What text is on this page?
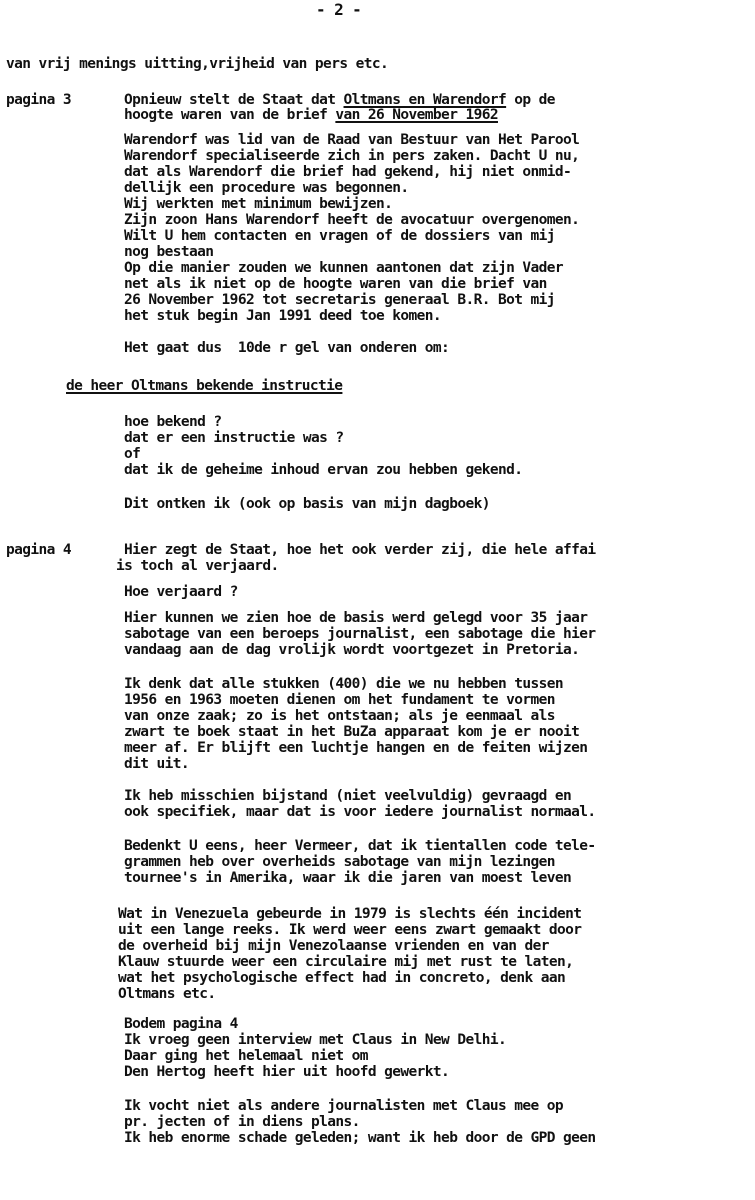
- 2 -
van vrij menings uitting,vrijheid van pers etc.
pagina 3	Opnieuw stelt de Staat dat Oltmans en Warendorf op de
hoogte waren van de brief van 26 November 1962
Warendorf was lid van de Raad van Bestuur van Het Parool
Warendorf specialiseerde zich in pers zaken. Dacht U nu,
dat als Warendorf die brief had gekend, hij niet onmid-
dellijk een procedure was begonnen.
Wij werkten met minimum bewijzen.
Zijn zoon Hans Warendorf heeft de avocatuur overgenomen.
Wilt U hem contacten en vragen of de dossiers van mij
nog bestaan
Op die manier zouden we kunnen aantonen dat zijn Vader
net als ik niet op de hoogte waren van die brief van
26 November 1962 tot secretaris generaal B.R. Bot mij
het stuk begin Jan 1991 deed toe komen.
Het gaat dus  10de r gel van onderen om:
de heer Oltmans bekende instructie
hoe bekend ?
dat er een instructie was ?
of
dat ik de geheime inhoud ervan zou hebben gekend.
Dit ontken ik (ook op basis van mijn dagboek)
pagina 4	Hier zegt de Staat, hoe het ook verder zij, die hele affai
is toch al verjaard.
Hoe verjaard ?
Hier kunnen we zien hoe de basis werd gelegd voor 35 jaar
sabotage van een beroeps journalist, een sabotage die hier
vandaag aan de dag vrolijk wordt voortgezet in Pretoria.
Ik denk dat alle stukken (400) die we nu hebben tussen
1956 en 1963 moeten dienen om het fundament te vormen
van onze zaak; zo is het ontstaan; als je eenmaal als
zwart te boek staat in het BuZa apparaat kom je er nooit
meer af. Er blijft een luchtje hangen en de feiten wijzen
dit uit.
Ik heb misschien bijstand (niet veelvuldig) gevraagd en
ook specifiek, maar dat is voor iedere journalist normaal.
Bedenkt U eens, heer Vermeer, dat ik tientallen code tele-
grammen heb over overheids sabotage van mijn lezingen
tournee's in Amerika, waar ik die jaren van moest leven
Wat in Venezuela gebeurde in 1979 is slechts één incident
uit een lange reeks. Ik werd weer eens zwart gemaakt door
de overheid bij mijn Venezolaanse vrienden en van der
Klauw stuurde weer een circulaire mij met rust te laten,
wat het psychologische effect had in concreto, denk aan
Oltmans etc.
Bodem pagina 4
Ik vroeg geen interview met Claus in New Delhi.
Daar ging het helemaal niet om
Den Hertog heeft hier uit hoofd gewerkt.
Ik vocht niet als andere journalisten met Claus mee op
pr. jecten of in diens plans.
Ik heb enorme schade geleden; want ik heb door de GPD geen
